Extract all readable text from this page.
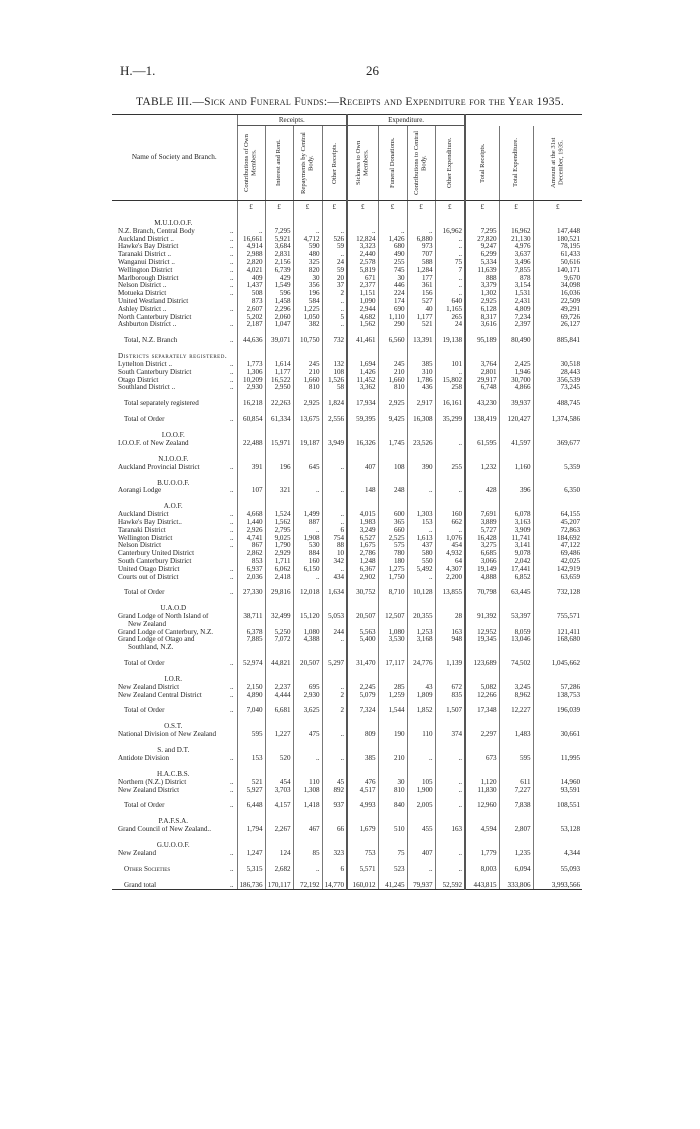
H.—1.	26
TABLE III.—Sick and Funeral Funds:—Receipts and Expenditure for the Year 1935.
Name of Society and Branch.		Receipts.				Expenditure.						

		Contributions of Own Members.	Interest and Rent.	Repayments by Central Body.	Other Receipts.	Sickness to Own Members.	Funeral Donations.	Contributions to Central Body.	Other Expenditure.	Total Receipts.	Total Expenditure.	Amount at the 31st December, 1935.

		£	£	£	£	£	£	£	£	£	£	£
M.U.I.O.O.F.												
N.Z. Branch, Central Body	..	..	7,295	..	..	..	..	..	16,962	7,295	16,962	147,448
Auckland District ..	..	16,661	5,921	4,712	526	12,824	1,426	6,880	..	27,820	21,130	180,521
Hawke's Bay District	..	4,914	3,684	590	59	3,323	680	973	..	9,247	4,976	78,195
Taranaki District ..	..	2,988	2,831	480	..	2,440	490	707	..	6,299	3,637	61,433
Wanganui District ..	..	2,820	2,156	325	24	2,578	255	588	75	5,334	3,496	50,616
Wellington District	..	4,021	6,739	820	59	5,819	745	1,284	7	11,639	7,855	140,171
Marlborough District	..	409	429	30	20	671	30	177	..	888	878	9,670
Nelson District ..	..	1,437	1,549	356	37	2,377	446	361	..	3,379	3,154	34,098
Motueka District	..	508	596	196	2	1,151	224	156	..	1,302	1,531	16,036
United Westland District		873	1,458	584	..	1,090	174	527	640	2,925	2,431	22,509
Ashley District ..	..	2,607	2,296	1,225	..	2,944	690	40	1,165	6,128	4,809	49,291
North Canterbury District		5,202	2,060	1,050	5	4,682	1,110	1,177	265	8,317	7,234	69,726
Ashburton District ..	..	2,187	1,047	382	..	1,562	290	521	24	3,616	2,397	26,127

Total, N.Z. Branch	..	44,636	39,071	10,750	732	41,461	6,560	13,391	19,138	95,189	80,490	885,841
Districts separately registered.												
Lyttelton District ..	..	1,773	1,614	245	132	1,694	245	385	101	3,764	2,425	30,518
South Canterbury District	..	1,306	1,177	210	108	1,426	210	310	..	2,801	1,946	28,443
Otago District	..	10,209	16,522	1,660	1,526	11,452	1,660	1,786	15,802	29,917	30,700	356,539
Southland District ..	..	2,930	2,950	810	58	3,362	810	436	258	6,748	4,866	73,245

Total separately registered		16,218	22,263	2,925	1,824	17,934	2,925	2,917	16,161	43,230	39,937	488,745

Total of Order	..	60,854	61,334	13,675	2,556	59,395	9,425	16,308	35,299	138,419	120,427	1,374,586
I.O.O.F.												
I.O.O.F. of New Zealand		22,488	15,971	19,187	3,949	16,326	1,745	23,526	..	61,595	41,597	369,677
N.I.O.O.F.												
Auckland Provincial District	..	391	196	645	..	407	108	390	255	1,232	1,160	5,359
B.U.O.O.F.												
Aorangi Lodge	..	107	321	..	..	148	248	..	..	428	396	6,350
A.O.F.												
Auckland District	..	4,668	1,524	1,499	..	4,015	600	1,303	160	7,691	6,078	64,155
Hawke's Bay District..	..	1,440	1,562	887	..	1,983	365	153	662	3,889	3,163	45,207
Taranaki District	..	2,926	2,795	..	6	3,249	660	..	..	5,727	3,909	72,863
Wellington District	..	4,741	9,025	1,908	754	6,527	2,525	1,613	1,076	16,428	11,741	184,692
Nelson District	..	867	1,790	530	88	1,675	575	437	454	3,275	3,141	47,122
Canterbury United District		2,862	2,929	884	10	2,786	780	580	4,932	6,685	9,078	69,486
South Canterbury District		853	1,711	160	342	1,248	180	550	64	3,066	2,042	42,025
United Otago District	..	6,937	6,062	6,150	..	6,367	1,275	5,492	4,307	19,149	17,441	142,919
Courts out of District	..	2,036	2,418	..	434	2,902	1,750	..	2,200	4,888	6,852	63,659

Total of Order	..	27,330	29,816	12,018	1,634	30,752	8,710	10,128	13,855	70,798	63,445	732,128
U.A.O.D												
Grand Lodge of North Island of		38,711	32,499	15,120	5,053	20,507	12,507	20,355	28	91,392	53,397	755,571
New Zealand												
Grand Lodge of Canterbury, N.Z.		6,378	5,250	1,080	244	5,563	1,080	1,253	163	12,952	8,059	121,411
Grand Lodge of Otago and		7,885	7,072	4,388	..	5,400	3,530	3,168	948	19,345	13,046	168,680
Southland, N.Z.												

Total of Order	..	52,974	44,821	20,507	5,297	31,470	17,117	24,776	1,139	123,689	74,502	1,045,662
I.O.R.												
New Zealand District	..	2,150	2,237	695	..	2,245	285	43	672	5,082	3,245	57,286
New Zealand Central District	..	4,890	4,444	2,930	2	5,079	1,259	1,809	835	12,266	8,962	138,753

Total of Order	..	7,040	6,681	3,625	2	7,324	1,544	1,852	1,507	17,348	12,227	196,039
O.S.T.												
National Division of New Zealand		595	1,227	475	..	809	190	110	374	2,297	1,483	30,661
S. and D.T.												
Antidote Division	..	153	520	..	..	385	210	..	..	673	595	11,995
H.A.C.B.S.												
Northern (N.Z.) District	..	521	454	110	45	476	30	105	..	1,120	611	14,960
New Zealand District	..	5,927	3,703	1,308	892	4,517	810	1,900	..	11,830	7,227	93,591

Total of Order	..	6,448	4,157	1,418	937	4,993	840	2,005	..	12,960	7,838	108,551
P.A.F.S.A.												
Grand Council of New Zealand..		1,794	2,267	467	66	1,679	510	455	163	4,594	2,807	53,128
G.U.O.O.F.												
New Zealand	..	1,247	124	85	323	753	75	407	..	1,779	1,235	4,344

Other Societies	..	5,315	2,682	..	6	5,571	523	..	..	8,003	6,094	55,093

Grand total	..	186,736	170,117	72,192	14,770	160,012	41,245	79,937	52,592	443,815	333,806	3,993,566
